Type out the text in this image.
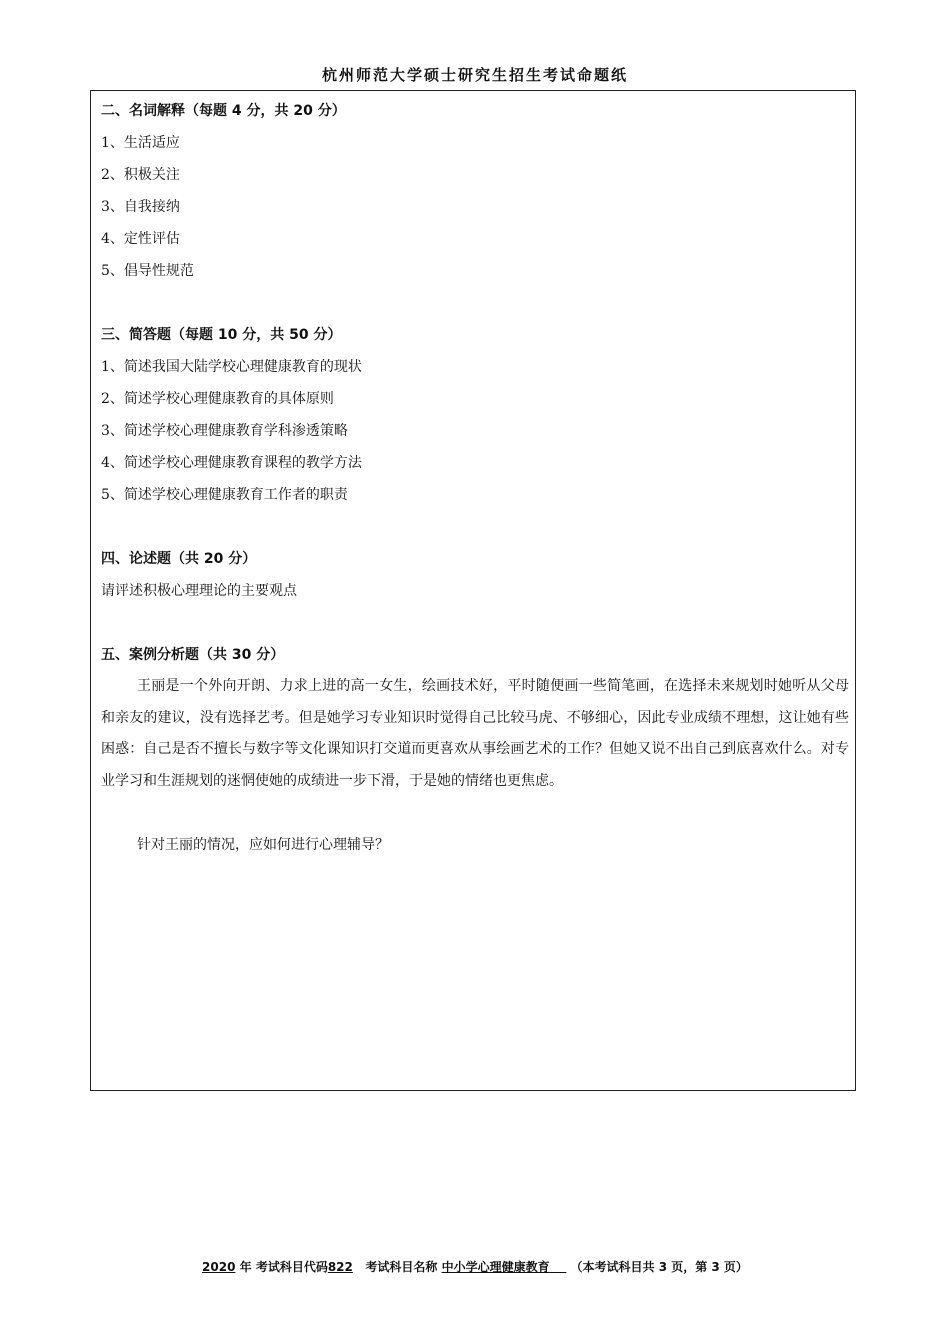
杭州师范大学硕士研究生招生考试命题纸
二、名词解释（每题 4 分，共 20 分）
1、生活适应
2、积极关注
3、自我接纳
4、定性评估
5、倡导性规范
三、简答题（每题 10 分，共 50 分）
1、简述我国大陆学校心理健康教育的现状
2、简述学校心理健康教育的具体原则
3、简述学校心理健康教育学科渗透策略
4、简述学校心理健康教育课程的教学方法
5、简述学校心理健康教育工作者的职责
四、论述题（共 20 分）
请评述积极心理理论的主要观点
五、案例分析题（共 30 分）

王丽是一个外向开朗、力求上进的高一女生，绘画技术好，平时随便画一些简笔画，在选择未来规划时她听从父母和亲友的建议，没有选择艺考。但是她学习专业知识时觉得自己比较马虎、不够细心，因此专业成绩不理想，这让她有些困惑：自己是否不擅长与数字等文化课知识打交道而更喜欢从事绘画艺术的工作？但她又说不出自己到底喜欢什么。对专业学习和生涯规划的迷惘使她的成绩进一步下滑，于是她的情绪也更焦虑。

针对王丽的情况，应如何进行心理辅导？
2020 年 考试科目代码822   考试科目名称 中小学心理健康教育     （本考试科目共 3 页，第 3 页）
